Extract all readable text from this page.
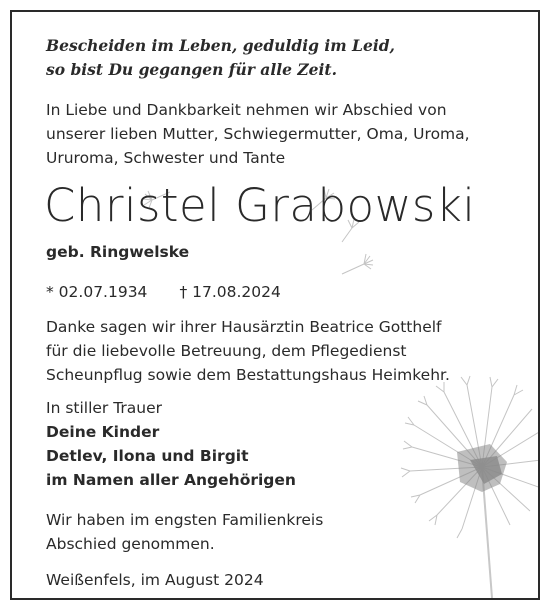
Bescheiden im Leben, geduldig im Leid,
so bist Du gegangen für alle Zeit.

In Liebe und Dankbarkeit nehmen wir Abschied von
unserer lieben Mutter, Schwiegermutter, Oma, Uroma,
Ururoma, Schwester und Tante

Christel Grabowski
geb. Ringwelske
* 02.07.1934 † 17.08.2024

Danke sagen wir ihrer Hausärztin Beatrice Gotthelf
für die liebevolle Betreuung, dem Pflegedienst
Scheunpflug sowie dem Bestattungshaus Heimkehr.

In stiller Trauer
Deine Kinder
Detlev, Ilona und Birgit
im Namen aller Angehörigen

Wir haben im engsten Familienkreis
Abschied genommen.

Weißenfels, im August 2024
